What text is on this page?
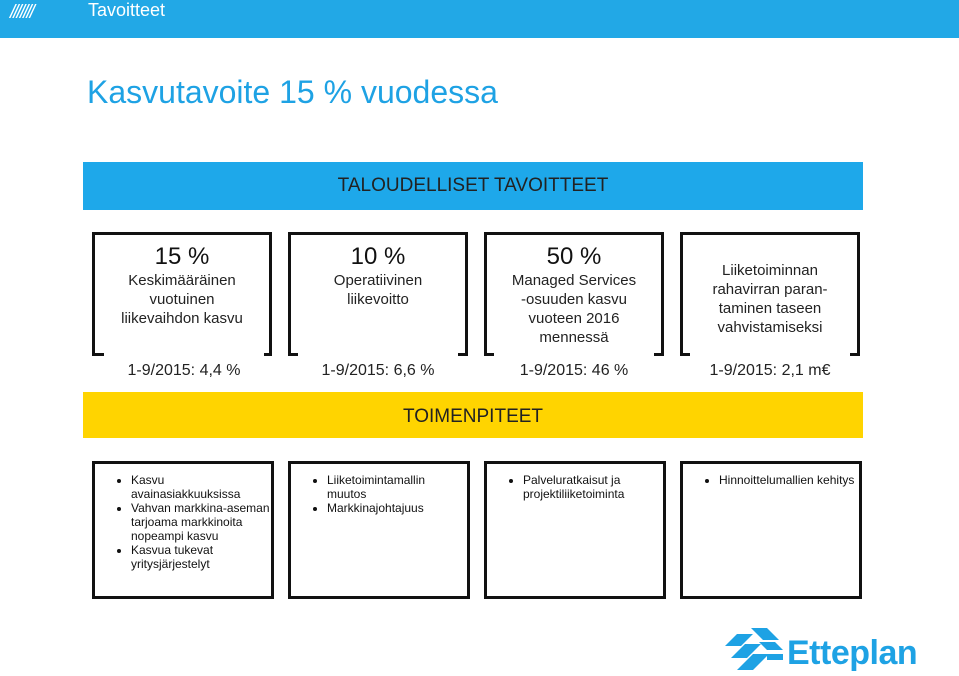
///////	Tavoitteet
Kasvutavoite 15 % vuodessa
TALOUDELLISET TAVOITTEET
15 %
Keskimääräinen
vuotuinen
liikevaihdon kasvu
10 %
Operatiivinen
liikevoitto
50 %
Managed Services
-osuuden kasvu
vuoteen 2016
mennessä
Liiketoiminnan
rahavirran paran-
taminen taseen
vahvistamiseksi
1-9/2015: 4,4 %	1-9/2015: 6,6 %	1-9/2015: 46 %	1-9/2015: 2,1 m€
TOIMENPITEET
• Kasvu avainasiakkuuksissa
• Vahvan markkina-aseman tarjoama markkinoita nopeampi kasvu
• Kasvua tukevat yritysjärjestelyt
• Liiketoimintamallin muutos
• Markkinajohtajuus
• Palveluratkaisut ja projektiliiketoiminta
• Hinnoittelumallien kehitys
Etteplan
